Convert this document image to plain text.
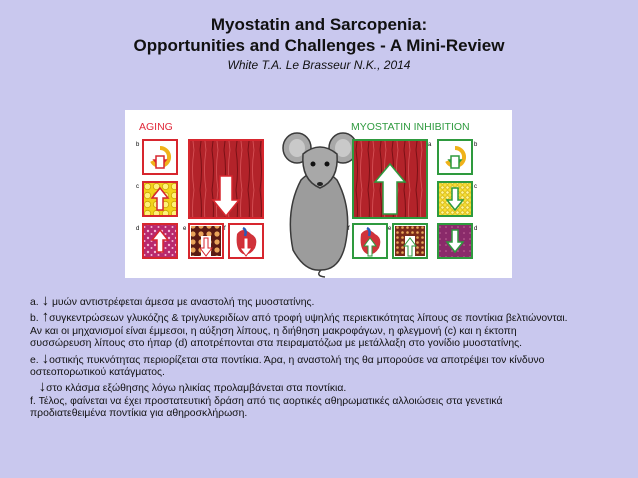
Myostatin and Sarcopenia:
Opportunities and Challenges - A Mini-Review
White T.A. Le Brasseur N.K., 2014
AGING	MYOSTATIN INHIBITION
b
c
d	e	f
a	b
c
d
f	e

a. ↓ μυών αντιστρέφεται άμεσα με αναστολή της μυοστατίνης.

b. ↑συγκεντρώσεων γλυκόζης & τριγλυκεριδίων από τροφή υψηλής περιεκτικότητας λίπους σε ποντίκια βελτιώνονται.

Αν και οι μηχανισμοί είναι έμμεσοι, η αύξηση λίπους, η διήθηση μακροφάγων, η φλεγμονή (c) και η έκτοπη

συσσώρευση λίπους στο ήπαρ (d) αποτρέπονται στα πειραματόζωα με μετάλλαξη στο γονίδιο μυοστατίνης.

e. ↓οστικής πυκνότητας περιορίζεται στα ποντίκια. Άρα, η αναστολή της θα μπορούσε να αποτρέψει τον κίνδυνο

οστεοπορωτικού κατάγματος.

↓στο κλάσμα εξώθησης λόγω ηλικίας προλαμβάνεται στα ποντίκια.

f. Τέλος, φαίνεται να έχει προστατευτική δράση από τις αορτικές αθηρωματικές αλλοιώσεις στα γενετικά

προδιατεθειμένα ποντίκια για αθηροσκλήρωση.
